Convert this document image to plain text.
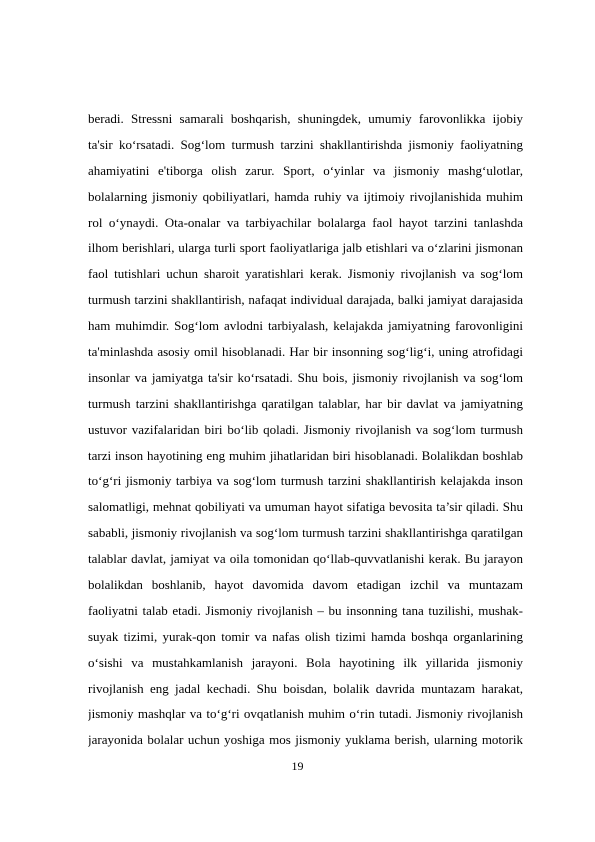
beradi. Stressni samarali boshqarish, shuningdek, umumiy farovonlikka ijobiy
ta'sir ko‘rsatadi. Sog‘lom turmush tarzini shakllantirishda jismoniy faoliyatning
ahamiyatini e'tiborga olish zarur. Sport, o‘yinlar va jismoniy mashg‘ulotlar,
bolalarning jismoniy qobiliyatlari, hamda ruhiy va ijtimoiy rivojlanishida muhim
rol o‘ynaydi. Ota-onalar va tarbiyachilar bolalarga faol hayot tarzini tanlashda
ilhom berishlari, ularga turli sport faoliyatlariga jalb etishlari va o‘zlarini jismonan
faol tutishlari uchun sharoit yaratishlari kerak. Jismoniy rivojlanish va sog‘lom
turmush tarzini shakllantirish, nafaqat individual darajada, balki jamiyat darajasida
ham muhimdir. Sog‘lom avlodni tarbiyalash, kelajakda jamiyatning farovonligini
ta'minlashda asosiy omil hisoblanadi. Har bir insonning sog‘lig‘i, uning atrofidagi
insonlar va jamiyatga ta'sir ko‘rsatadi. Shu bois, jismoniy rivojlanish va sog‘lom
turmush tarzini shakllantirishga qaratilgan talablar, har bir davlat va jamiyatning
ustuvor vazifalaridan biri bo‘lib qoladi. Jismoniy rivojlanish va sog‘lom turmush
tarzi inson hayotining eng muhim jihatlaridan biri hisoblanadi. Bolalikdan boshlab
to‘g‘ri jismoniy tarbiya va sog‘lom turmush tarzini shakllantirish kelajakda inson
salomatligi, mehnat qobiliyati va umuman hayot sifatiga bevosita ta’sir qiladi. Shu
sababli, jismoniy rivojlanish va sog‘lom turmush tarzini shakllantirishga qaratilgan
talablar davlat, jamiyat va oila tomonidan qo‘llab-quvvatlanishi kerak. Bu jarayon
bolalikdan boshlanib, hayot davomida davom etadigan izchil va muntazam
faoliyatni talab etadi. Jismoniy rivojlanish – bu insonning tana tuzilishi, mushak-
suyak tizimi, yurak-qon tomir va nafas olish tizimi hamda boshqa organlarining
o‘sishi va mustahkamlanish jarayoni. Bola hayotining ilk yillarida jismoniy
rivojlanish eng jadal kechadi. Shu boisdan, bolalik davrida muntazam harakat,
jismoniy mashqlar va to‘g‘ri ovqatlanish muhim o‘rin tutadi. Jismoniy rivojlanish
jarayonida bolalar uchun yoshiga mos jismoniy yuklama berish, ularning motorik
19
